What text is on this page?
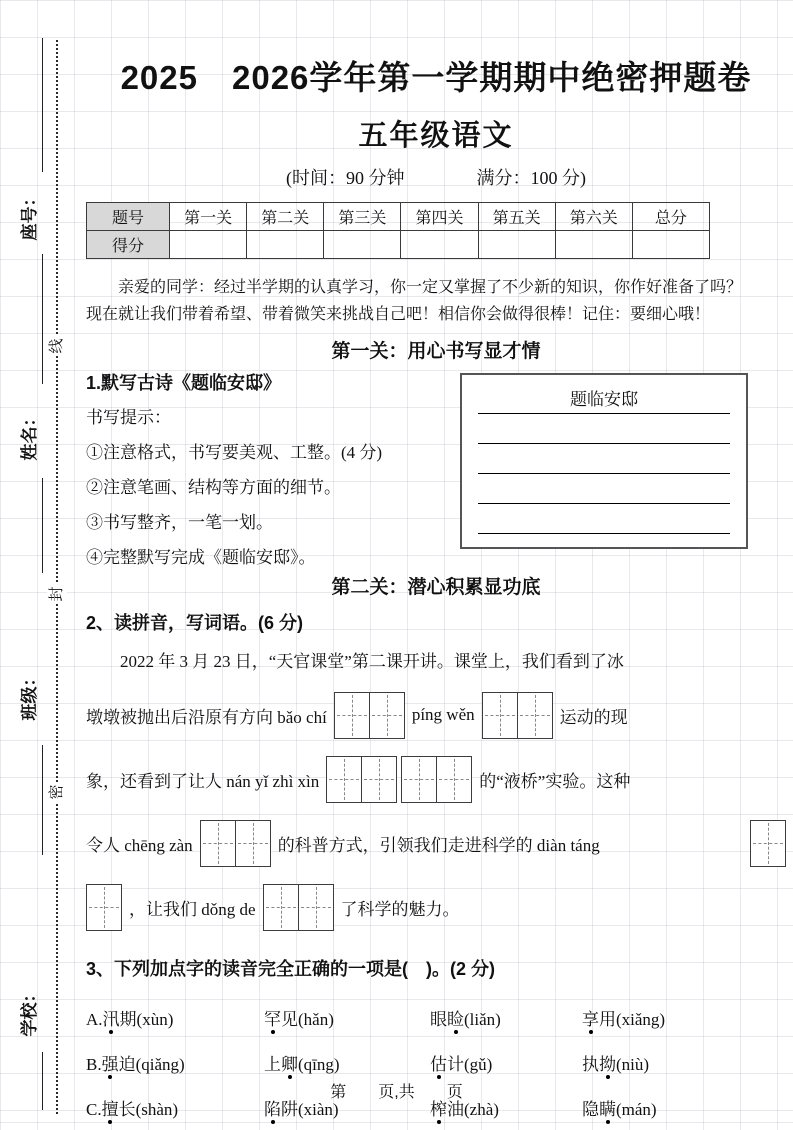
线
封
密
座号：
姓名：
班级：
学校：
2025　2026学年第一学期期中绝密押题卷
五年级语文
(时间：90 分钟　　　　满分：100 分)
题号	第一关	第二关	第三关	第四关	第五关	第六关	总分
得分							
亲爱的同学：经过半学期的认真学习，你一定又掌握了不少新的知识，你作好准备了吗？
现在就让我们带着希望、带着微笑来挑战自己吧！相信你会做得很棒！记住：要细心哦！
第一关：用心书写显才情
1.默写古诗《题临安邸》
书写提示：
①注意格式，书写要美观、工整。(4 分)
②注意笔画、结构等方面的细节。
③书写整齐，一笔一划。
④完整默写完成《题临安邸》。
题临安邸
第二关：潜心积累显功底
2、读拼音，写词语。(6 分)
2022 年 3 月 23 日，“天官课堂”第二课开讲。课堂上，我们看到了冰
墩墩被抛出后沿原有方向 bǎo chí	píng wěn	运动的现
象，还看到了让人 nán yǐ zhì xìn	的“液桥”实验。这种
令人 chēng zàn	的科普方式，引领我们走进科学的 diàn táng
，让我们 dǒng de	了科学的魅力。
3、下列加点字的读音完全正确的一项是(　)。(2 分)
A.汛期(xùn)	罕见(hǎn)	眼睑(liǎn)	享用(xiǎng)
B.强迫(qiǎng)	上卿(qīng)	估计(gǔ)	执拗(niù)
C.擅长(shàn)	陷阱(xiàn)	榨油(zhà)	隐瞒(mán)
第　　页,共　　页
